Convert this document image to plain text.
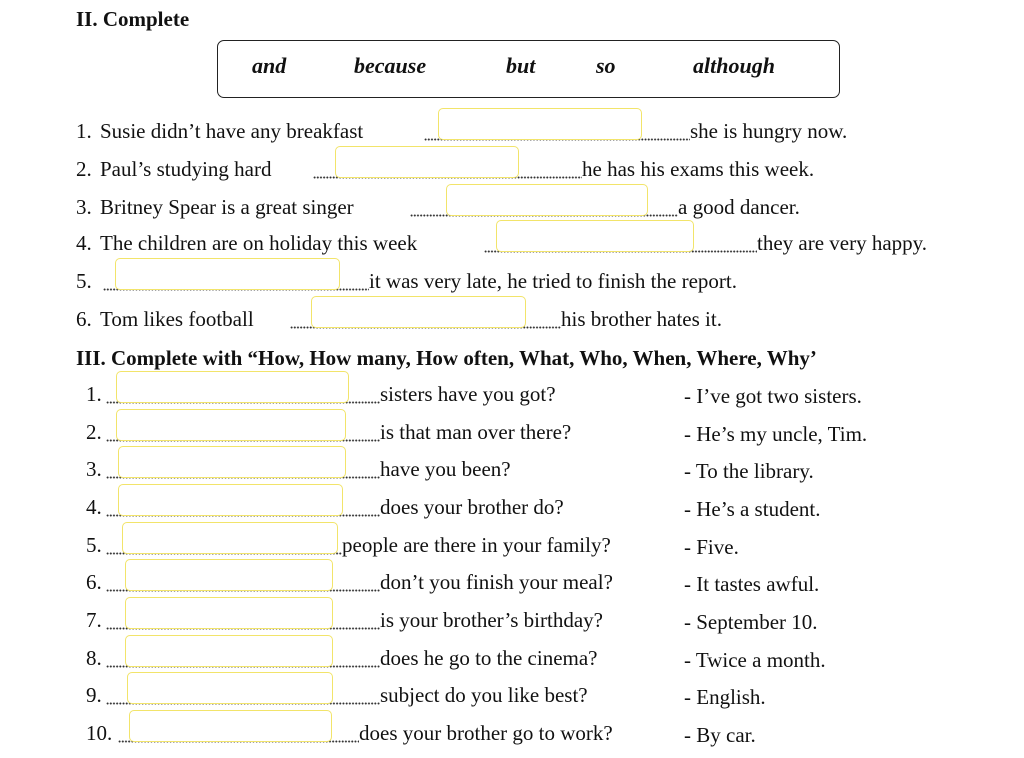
II. Complete
and	because	but	so	although
1. Susie didn’t have any breakfast	she is hungry now.
2. Paul’s studying hard	he has his exams this week.
3. Britney Spear is a great singer	a good dancer.
4. The children are on holiday this week	they are very happy.
5.	it was very late, he tried to finish the report.
6. Tom likes football	his brother hates it.
III. Complete with “How, How many, How often, What, Who, When, Where, Why’
1.	sisters have you got?	- I’ve got two sisters.
2.	is that man over there?	- He’s my uncle, Tim.
3.	have you been?	- To the library.
4.	does your brother do?	- He’s a student.
5.	people are there in your family?	- Five.
6.	don’t you finish your meal?	- It tastes awful.
7.	is your brother’s birthday?	- September 10.
8.	does he go to the cinema?	- Twice a month.
9.	subject do you like best?	- English.
10.	does your brother go to work?	- By car.
